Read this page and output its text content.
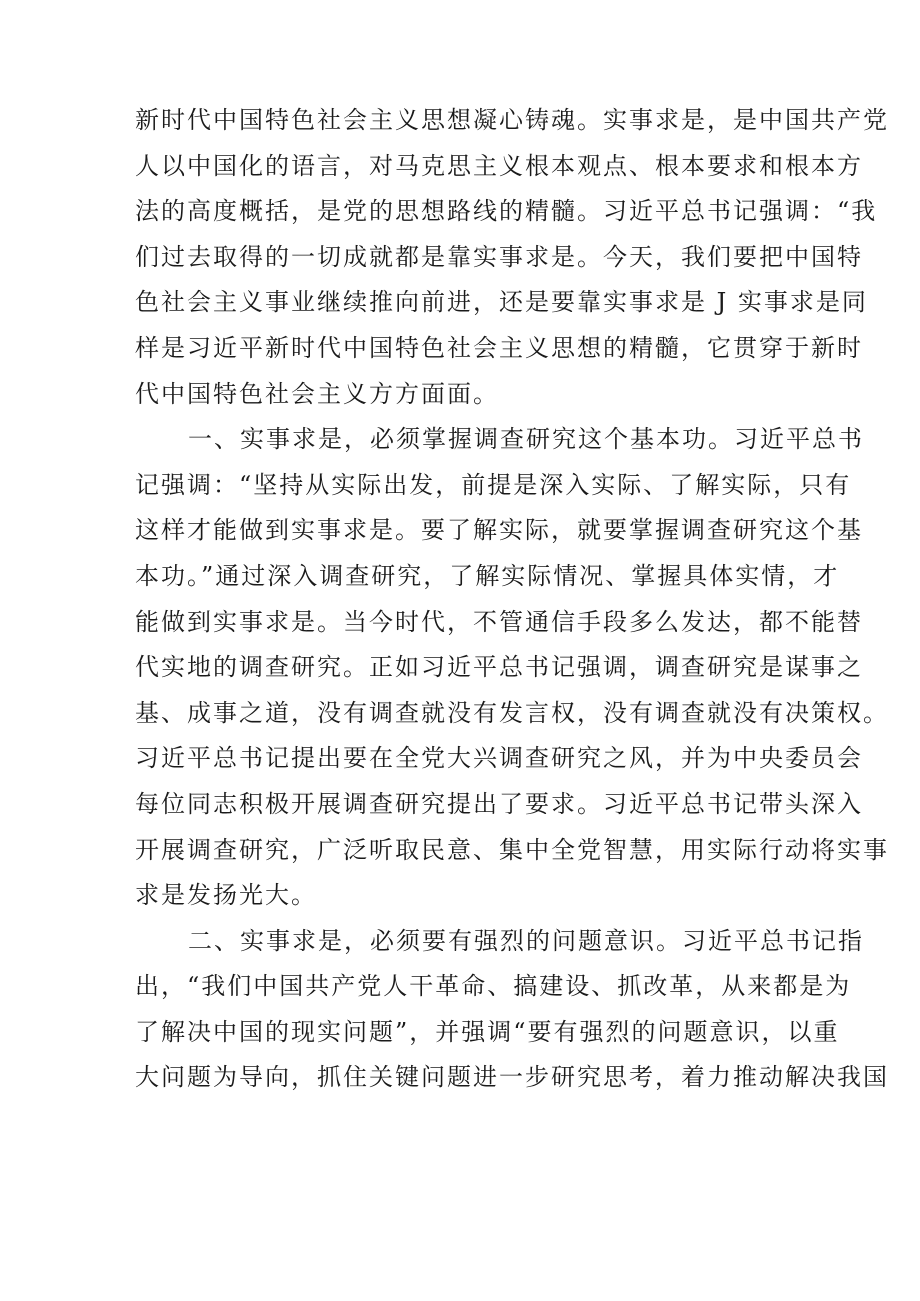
新时代中国特色社会主义思想凝心铸魂。实事求是，是中国共产党
人以中国化的语言，对马克思主义根本观点、根本要求和根本方
法的高度概括，是党的思想路线的精髓。习近平总书记强调：“我
们过去取得的一切成就都是靠实事求是。今天，我们要把中国特
色社会主义事业继续推向前进，还是要靠实事求是 J 实事求是同
样是习近平新时代中国特色社会主义思想的精髓，它贯穿于新时
代中国特色社会主义方方面面。
一、实事求是，必须掌握调查研究这个基本功。习近平总书
记强调：“坚持从实际出发，前提是深入实际、了解实际，只有
这样才能做到实事求是。要了解实际，就要掌握调查研究这个基
本功。”通过深入调查研究，了解实际情况、掌握具体实情，才
能做到实事求是。当今时代，不管通信手段多么发达，都不能替
代实地的调查研究。正如习近平总书记强调，调查研究是谋事之
基、成事之道，没有调查就没有发言权，没有调查就没有决策权。
习近平总书记提出要在全党大兴调查研究之风，并为中央委员会
每位同志积极开展调查研究提出了要求。习近平总书记带头深入
开展调查研究，广泛听取民意、集中全党智慧，用实际行动将实事
求是发扬光大。
二、实事求是，必须要有强烈的问题意识。习近平总书记指
出，“我们中国共产党人干革命、搞建设、抓改革，从来都是为
了解决中国的现实问题”，并强调“要有强烈的问题意识，以重
大问题为导向，抓住关键问题进一步研究思考，着力推动解决我国
